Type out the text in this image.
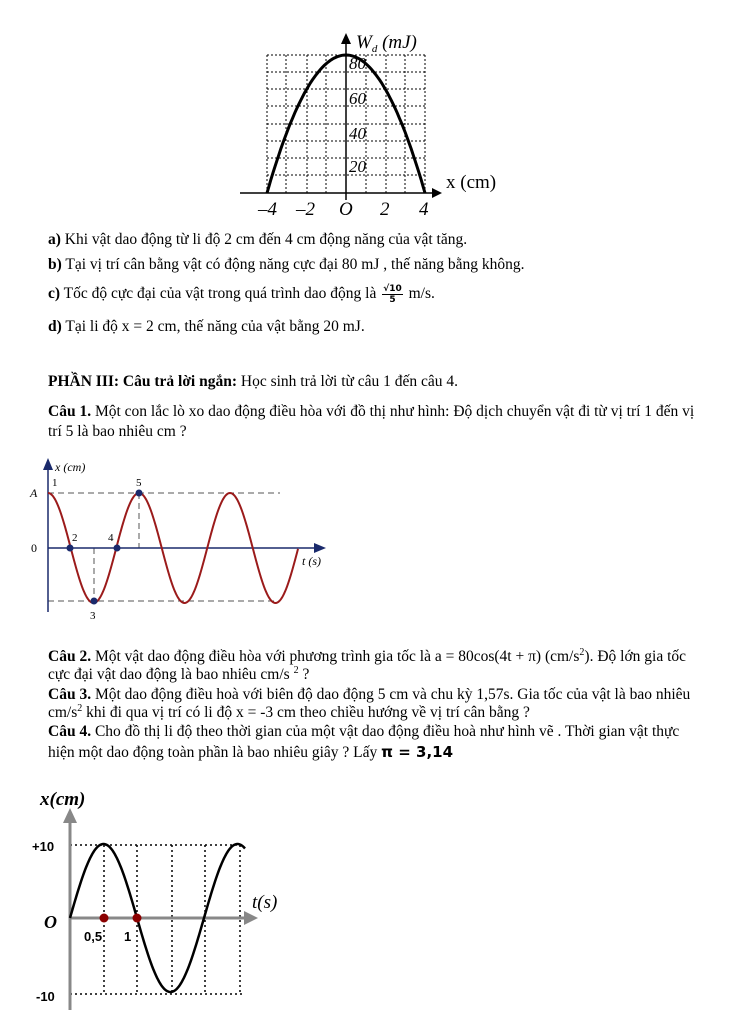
80
60
40
20
$W_d$ (mJ)
x (cm)
–4 –2 O 2 4
a) Khi vật dao động từ li độ 2 cm đến 4 cm động năng của vật tăng.
b) Tại vị trí cân bằng vật có động năng cực đại 80 mJ , thế năng bằng không.
c) Tốc độ cực đại của vật trong quá trình dao động là $\frac{√10}{5} m/s$.
d) Tại li độ x = 2 cm, thế năng của vật bằng 20 mJ.
PHẦN III: Câu trả lời ngắn: Học sinh trả lời từ câu 1 đến câu 4.
Câu 1. Một con lắc lò xo dao động điều hòa với đồ thị như hình: Độ dịch chuyển vật đi từ vị trí 1 đến vị trí 5 là bao nhiêu cm ?
x (cm)
A
0
t (s)
1
2
3
4
5
Câu 2. Một vật dao động điều hòa với phương trình gia tốc là a = 80cos(4t + π) $(cm/s^2)$. Độ lớn gia tốc cực đại vật dao động là bao nhiêu cm/s $^2$ ?
Câu 3. Một dao động điều hoà với biên độ dao động 5 cm và chu kỳ 1,57s. Gia tốc của vật là bao nhiêu $cm/s^2$ khi đi qua vị trí có li độ x = -3 cm theo chiều hướng về vị trí cân bằng ?
Câu 4. Cho đồ thị li độ theo thời gian của một vật dao động điều hoà như hình vẽ . Thời gian vật thực hiện một dao động toàn phần là bao nhiêu giây ? Lấy π = 3,14
x(cm)
+10
O
-10
0,5 1
t(s)
